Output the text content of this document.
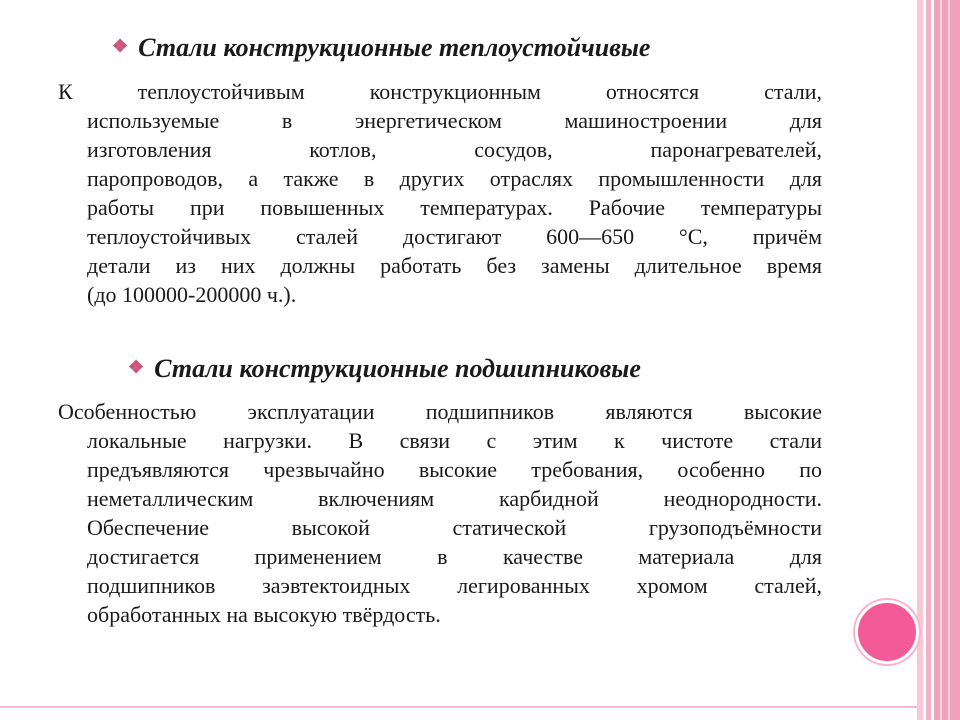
❖ Стали конструкционные теплоустойчивые
К теплоустойчивым конструкционным относятся стали,
используемые в энергетическом машиностроении для
изготовления котлов, сосудов, паронагревателей,
паропроводов, а также в других отраслях промышленности для
работы при повышенных температурах. Рабочие температуры
теплоустойчивых сталей достигают 600—650 °С, причём
детали из них должны работать без замены длительное время
(до 100000-200000 ч.).
❖ Стали конструкционные подшипниковые
Особенностью эксплуатации подшипников являются высокие
локальные нагрузки. В связи с этим к чистоте стали
предъявляются чрезвычайно высокие требования, особенно по
неметаллическим включениям карбидной неоднородности.
Обеспечение высокой статической грузоподъёмности
достигается применением в качестве материала для
подшипников заэвтектоидных легированных хромом сталей,
обработанных на высокую твёрдость.
